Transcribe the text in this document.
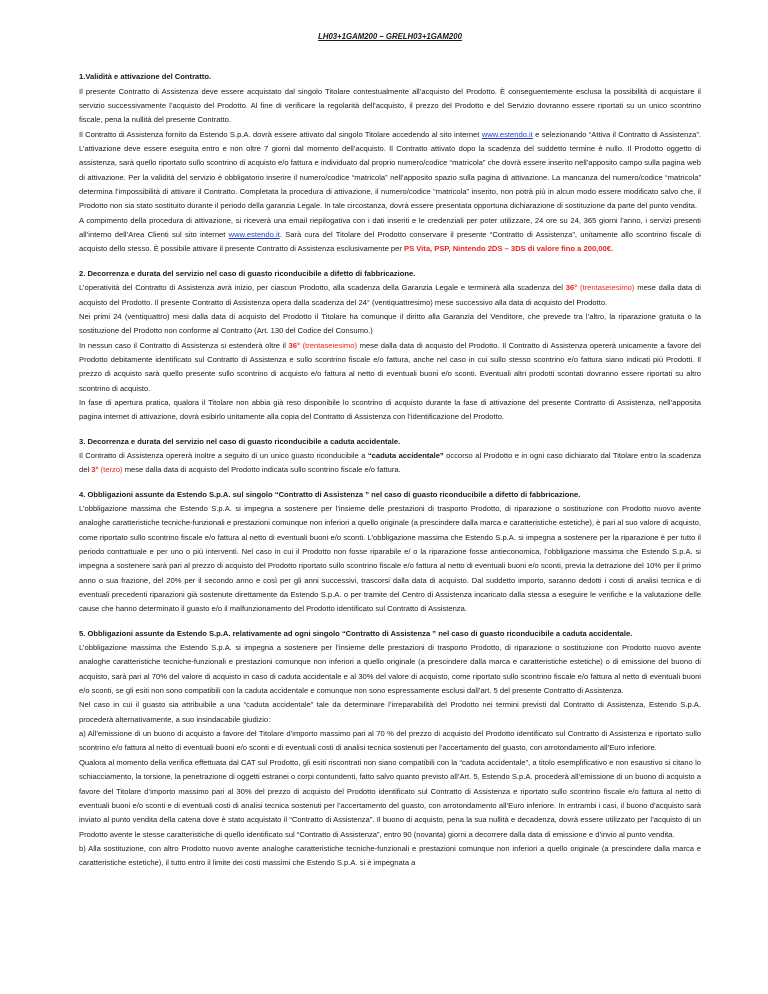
LH03+1GAM200 – GRELH03+1GAM200

1.Validità e attivazione del Contratto.

Il presente Contratto di Assistenza deve essere acquistato dal singolo Titolare contestualmente all’acquisto del Prodotto. È conseguentemente esclusa la possibilità di acquistare il servizio successivamente l’acquisto del Prodotto. Al fine di verificare la regolarità dell’acquisto, il prezzo del Prodotto e del Servizio dovranno essere riportati su un unico scontrino fiscale, pena la nullità del presente Contratto.

Il Contratto di Assistenza fornito da Estendo S.p.A. dovrà essere attivato dal singolo Titolare accedendo al sito internet www.estendo.it e selezionando “Attiva il Contratto di Assistenza”. L’attivazione deve essere eseguita entro e non oltre 7 giorni dal momento dell’acquisto. Il Contratto attivato dopo la scadenza del suddetto termine è nullo. Il Prodotto oggetto di assistenza, sarà quello riportato sullo scontrino di acquisto e/o fattura e individuato dal proprio numero/codice “matricola” che dovrà essere inserito nell’apposito campo sulla pagina web di attivazione. Per la validità del servizio è obbligatorio inserire il numero/codice “matricola” nell’apposito spazio sulla pagina di attivazione. La mancanza del numero/codice “matricola” determina l’impossibilità di attivare il Contratto. Completata la procedura di attivazione, il numero/codice “matricola” inserito, non potrà più in alcun modo essere modificato salvo che, il Prodotto non sia stato sostituito durante il periodo della garanzia Legale. In tale circostanza, dovrà essere presentata opportuna dichiarazione di sostituzione da parte del punto vendita.

A compimento della procedura di attivazione, si riceverà una email riepilogativa con i dati inseriti e le credenziali per poter utilizzare, 24 ore su 24, 365 giorni l’anno, i servizi presenti all’interno dell’Area Clienti sul sito internet www.estendo.it. Sarà cura del Titolare del Prodotto conservare il presente “Contratto di Assistenza”, unitamente allo scontrino fiscale di acquisto dello stesso. È possibile attivare il presente Contratto di Assistenza esclusivamente per PS Vita, PSP, Nintendo 2DS – 3DS di valore fino a 200,00€.

2. Decorrenza e durata del servizio nel caso di guasto riconducibile a difetto di fabbricazione.

L’operatività del Contratto di Assistenza avrà inizio, per ciascun Prodotto, alla scadenza della Garanzia Legale e terminerà alla scadenza del 36° (trentaseiesimo) mese dalla data di acquisto del Prodotto. Il presente Contratto di Assistenza opera dalla scadenza del 24° (ventiquattresimo) mese successivo alla data di acquisto del Prodotto.

Nei primi 24 (ventiquattro) mesi dalla data di acquisto del Prodotto il Titolare ha comunque il diritto alla Garanzia del Venditore, che prevede tra l’altro, la riparazione gratuita o la sostituzione del Prodotto non conforme al Contratto (Art. 130 del Codice del Consumo.)

In nessun caso il Contratto di Assistenza si estenderà oltre il 36° (trentaseiesimo) mese dalla data di acquisto del Prodotto. Il Contratto di Assistenza opererà unicamente a favore del Prodotto debitamente identificato sul Contratto di Assistenza e sullo scontrino fiscale e/o fattura, anche nel caso in cui sullo stesso scontrino e/o fattura siano indicati più Prodotti. Il prezzo di acquisto sarà quello presente sullo scontrino di acquisto e/o fattura al netto di eventuali buoni e/o sconti. Eventuali altri prodotti scontati dovranno essere riportati su altro scontrino di acquisto.

In fase di apertura pratica, qualora il Titolare non abbia già reso disponibile lo scontrino di acquisto durante la fase di attivazione del presente Contratto di Assistenza, nell’apposita pagina internet di attivazione, dovrà esibirlo unitamente alla copia del Contratto di Assistenza con l’identificazione del Prodotto.

3. Decorrenza e durata del servizio nel caso di guasto riconducibile a caduta accidentale.

Il Contratto di Assistenza opererà inoltre a seguito di un unico guasto riconducibile a “caduta accidentale” occorso al Prodotto e in ogni caso dichiarato dal Titolare entro la scadenza del 3° (terzo) mese dalla data di acquisto del Prodotto indicata sullo scontrino fiscale e/o fattura.

4. Obbligazioni assunte da Estendo S.p.A. sul singolo “Contratto di Assistenza ” nel caso di guasto riconducibile a difetto di fabbricazione.

L’obbligazione massima che Estendo S.p.A. si impegna a sostenere per l’insieme delle prestazioni di trasporto Prodotto, di riparazione o sostituzione con Prodotto nuovo avente analoghe caratteristiche tecniche-funzionali e prestazioni comunque non inferiori a quello originale (a prescindere dalla marca e caratteristiche estetiche), è pari al suo valore di acquisto, come riportato sullo scontrino fiscale e/o fattura al netto di eventuali buoni e/o sconti. L’obbligazione massima che Estendo S.p.A. si impegna a sostenere per la riparazione è per tutto il periodo contrattuale e per uno o più interventi. Nel caso in cui il Prodotto non fosse riparabile e/ o la riparazione fosse antieconomica, l’obbligazione massima che Estendo S.p.A. si impegna a sostenere sarà pari al prezzo di acquisto del Prodotto riportato sullo scontrino fiscale e/o fattura al netto di eventuali buoni e/o sconti, previa la detrazione del 10% per il primo anno o sua frazione, del 20% per il secondo anno e così per gli anni successivi, trascorsi dalla data di acquisto. Dal suddetto importo, saranno dedotti i costi di analisi tecnica e di eventuali precedenti riparazioni già sostenute direttamente da Estendo S.p.A. o per tramite del Centro di Assistenza incaricato dalla stessa a eseguire le verifiche e la valutazione delle cause che hanno determinato il guasto e/o il malfunzionamento del Prodotto identificato sul Contratto di Assistenza.

5. Obbligazioni assunte da Estendo S.p.A. relativamente ad ogni singolo “Contratto di Assistenza ” nel caso di guasto riconducibile a caduta accidentale.

L’obbligazione massima che Estendo S.p.A. si impegna a sostenere per l’insieme delle prestazioni di trasporto Prodotto, di riparazione o sostituzione con Prodotto nuovo avente analoghe caratteristiche tecniche-funzionali e prestazioni comunque non inferiori a quello originale (a prescindere dalla marca e caratteristiche estetiche) o di emissione del buono di acquisto, sarà pari al 70% del valore di acquisto in caso di caduta accidentale e al 30% del valore di acquisto, come riportato sullo scontrino fiscale e/o fattura al netto di eventuali buoni e/o sconti, se gli esiti non sono compatibili con la caduta accidentale e comunque non sono espressamente esclusi dall’art. 5 del presente Contratto di Assistenza.

Nel caso in cui il guasto sia attribuibile a una “caduta accidentale” tale da determinare l’irreparabilità del Prodotto nei termini previsti dal Contratto di Assistenza, Estendo S.p.A. procederà alternativamente, a suo insindacabile giudizio:

a) All’emissione di un buono di acquisto a favore del Titolare d’importo massimo pari al 70 % del prezzo di acquisto del Prodotto identificato sul Contratto di Assistenza e riportato sullo scontrino e/o fattura al netto di eventuali buoni e/o sconti e di eventuali costi di analisi tecnica sostenuti per l’accertamento del guasto, con arrotondamento all’Euro inferiore.

Qualora al momento della verifica effettuata dal CAT sul Prodotto, gli esiti riscontrati non siano compatibili con la “caduta accidentale”, a titolo esemplificativo e non esaustivo si citano lo schiacciamento, la torsione, la penetrazione di oggetti estranei o corpi contundenti, fatto salvo quanto previsto all’Art. 5, Estendo S.p.A. procederà all’emissione di un buono di acquisto a favore del Titolare d’importo massimo pari al 30% del prezzo di acquisto del Prodotto identificato sul Contratto di Assistenza e riportato sullo scontrino fiscale e/o fattura al netto di eventuali buoni e/o sconti e di eventuali costi di analisi tecnica sostenuti per l’accertamento del guasto, con arrotondamento all’Euro inferiore. In entrambi i casi, il buono d’acquisto sarà inviato al punto vendita della catena dove è stato acquistato il “Contratto di Assistenza”. Il buono di acquisto, pena la sua nullità e decadenza, dovrà essere utilizzato per l’acquisto di un Prodotto avente le stesse caratteristiche di quello identificato sul “Contratto di Assistenza”, entro 90 (novanta) giorni a decorrere dalla data di emissione e d’invio al punto vendita.

b) Alla sostituzione, con altro Prodotto nuovo avente analoghe caratteristiche tecniche-funzionali e prestazioni comunque non inferiori a quello originale (a prescindere dalla marca e caratteristiche estetiche), il tutto entro il limite dei costi massimi che Estendo S.p.A. si è impegnata a
